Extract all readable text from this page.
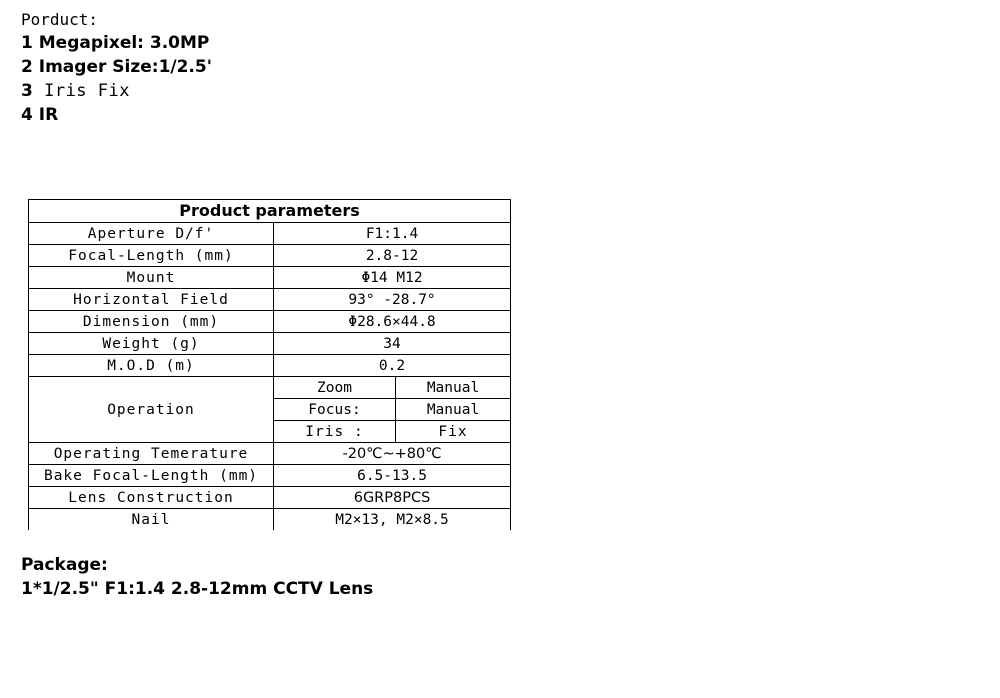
Porduct:
1 Megapixel: 3.0MP
2 Imager Size:1/2.5'
3 Iris Fix
4 IR
Product parameters		
Aperture D/f'	F1:1.4	
Focal-Length (mm)	2.8-12	
Mount	Φ14 M12	
Horizontal Field	93° -28.7°	
Dimension (mm)	Φ28.6×44.8	
Weight (g)	34	
M.O.D (m)	0.2	
Operation	Zoom	Manual
	Focus:	Manual
	Iris :	Fix
Operating Temerature	-20℃~+80℃	
Bake Focal-Length (mm)	6.5-13.5	
Lens Construction	6GRP8PCS	
Nail	M2×13, M2×8.5	
Package:
1*1/2.5" F1:1.4 2.8-12mm CCTV Lens
